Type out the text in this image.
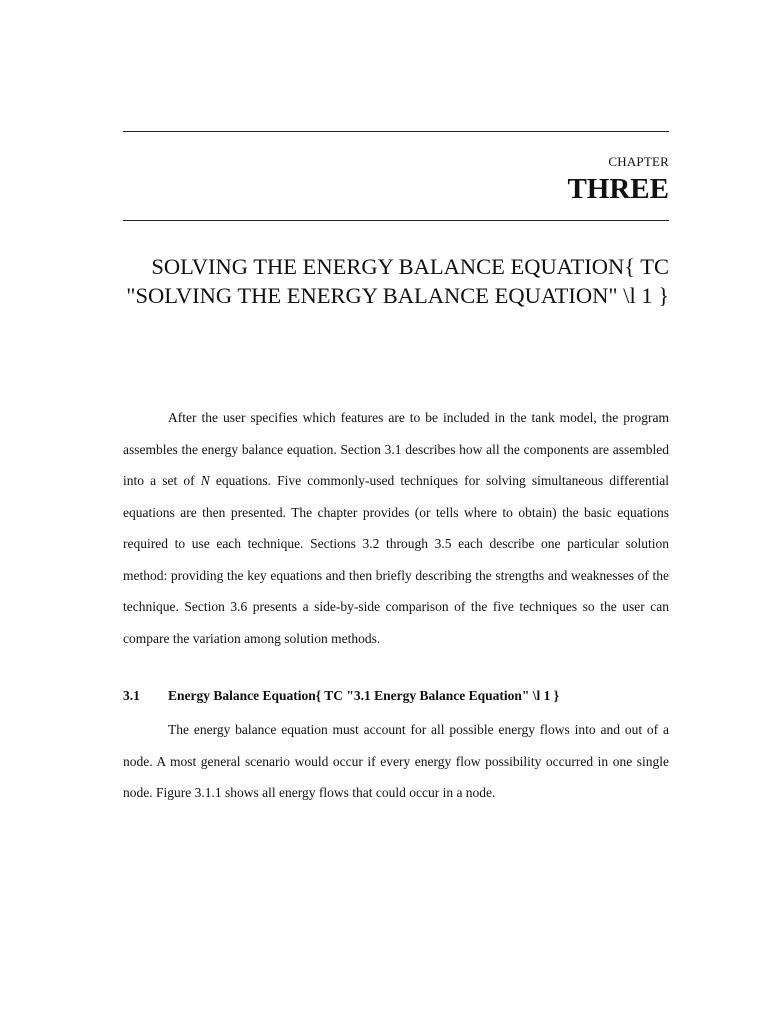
CHAPTER
THREE
SOLVING THE ENERGY BALANCE EQUATION{ TC
"SOLVING THE ENERGY BALANCE EQUATION" \l 1 }
After the user specifies which features are to be included in the tank model, the program assembles the energy balance equation. Section 3.1 describes how all the components are assembled into a set of N equations. Five commonly-used techniques for solving simultaneous differential equations are then presented. The chapter provides (or tells where to obtain) the basic equations required to use each technique. Sections 3.2 through 3.5 each describe one particular solution method: providing the key equations and then briefly describing the strengths and weaknesses of the technique. Section 3.6 presents a side-by-side comparison of the five techniques so the user can compare the variation among solution methods.
3.1 Energy Balance Equation{ TC "3.1 Energy Balance Equation" \l 1 }
The energy balance equation must account for all possible energy flows into and out of a node. A most general scenario would occur if every energy flow possibility occurred in one single node. Figure 3.1.1 shows all energy flows that could occur in a node.
